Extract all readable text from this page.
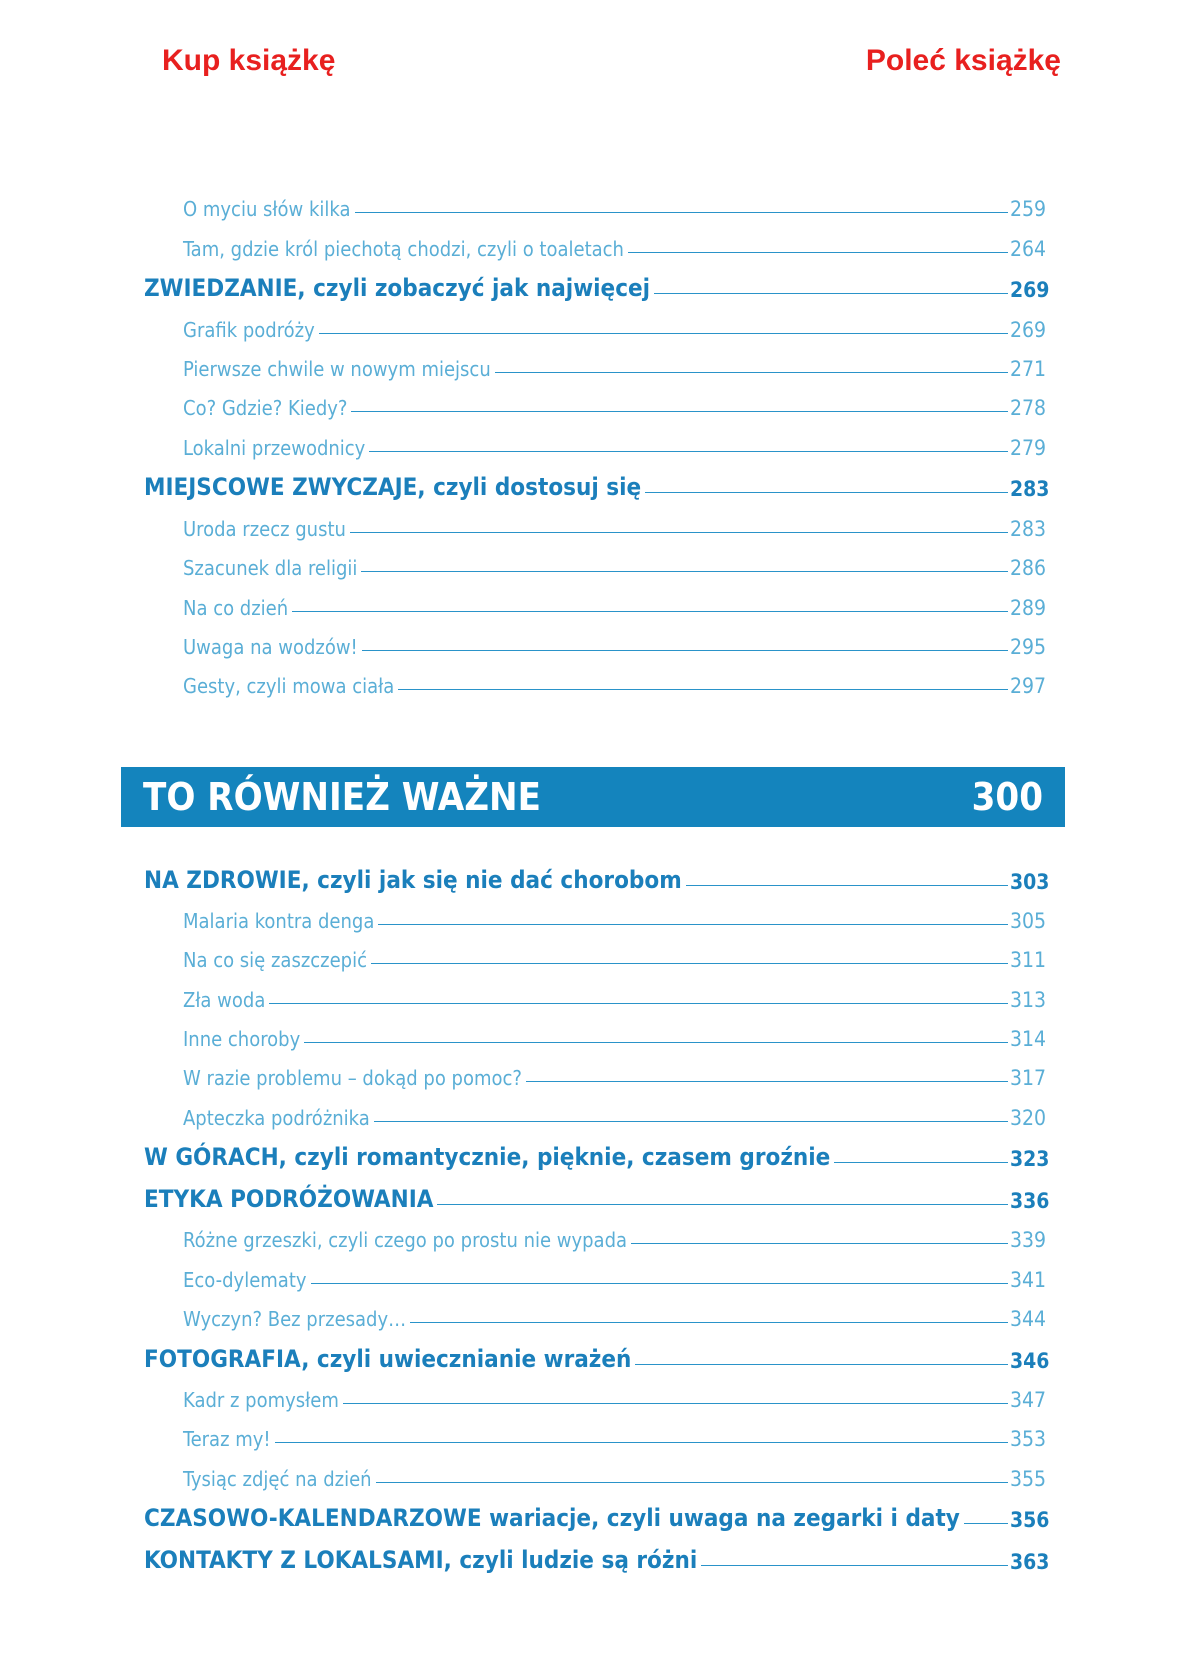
Kup książkę	Poleć książkę
O myciu słów kilka	259
Tam, gdzie król piechotą chodzi, czyli o toaletach	264
ZWIEDZANIE, czyli zobaczyć jak najwięcej	269
Grafik podróży	269
Pierwsze chwile w nowym miejscu	271
Co? Gdzie? Kiedy?	278
Lokalni przewodnicy	279
MIEJSCOWE ZWYCZAJE, czyli dostosuj się	283
Uroda rzecz gustu	283
Szacunek dla religii	286
Na co dzień	289
Uwaga na wodzów!	295
Gesty, czyli mowa ciała	297
TO RÓWNIEŻ WAŻNE	300
NA ZDROWIE, czyli jak się nie dać chorobom	303
Malaria kontra denga	305
Na co się zaszczepić	311
Zła woda	313
Inne choroby	314
W razie problemu – dokąd po pomoc?	317
Apteczka podróżnika	320
W GÓRACH, czyli romantycznie, pięknie, czasem groźnie	323
ETYKA PODRÓŻOWANIA	336
Różne grzeszki, czyli czego po prostu nie wypada	339
Eco-dylematy	341
Wyczyn? Bez przesady…	344
FOTOGRAFIA, czyli uwiecznianie wrażeń	346
Kadr z pomysłem	347
Teraz my!	353
Tysiąc zdjęć na dzień	355
CZASOWO-KALENDARZOWE wariacje, czyli uwaga na zegarki i daty 356
KONTAKTY Z LOKALSAMI, czyli ludzie są różni	363
